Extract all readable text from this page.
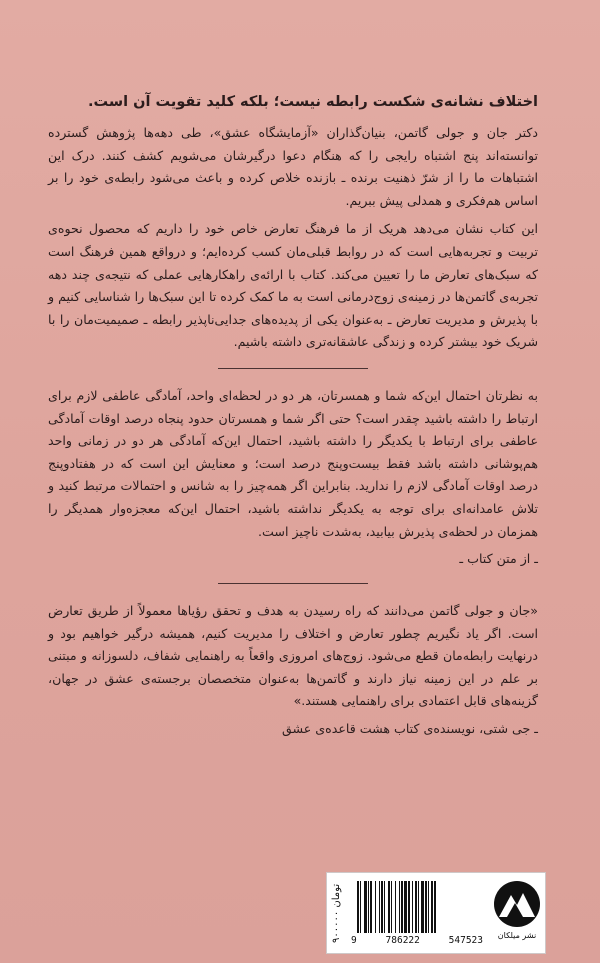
اختلاف نشانه‌ی شکست رابطه نیست؛ بلکه کلید تقویت آن است.

دکتر جان و جولی گاتمن، بنیان‌گذاران «آزمایشگاه عشق»، طی دهه‌ها پژوهش گسترده توانسته‌اند پنج اشتباه رایجی را که هنگام دعوا درگیرشان می‌شویم کشف کنند. درک این اشتباهات ما را از شرّ ذهنیت برنده ـ بازنده خلاص کرده و باعث می‌شود رابطه‌ی خود را بر اساس هم‌فکری و همدلی پیش ببریم.

این کتاب نشان می‌دهد هریک از ما فرهنگ تعارض خاص خود را داریم که محصول نحوه‌ی تربیت و تجربه‌هایی است که در روابط قبلی‌مان کسب کرده‌ایم؛ و درواقع همین فرهنگ است که سبک‌های تعارض ما را تعیین می‌کند. کتاب با ارائه‌ی راهکارهایی عملی که نتیجه‌ی چند دهه تجربه‌ی گاتمن‌ها در زمینه‌ی زوج‌درمانی است به ما کمک کرده تا این سبک‌ها را شناسایی کنیم و با پذیرش و مدیریت تعارض ـ به‌عنوان یکی از پدیده‌های جدایی‌ناپذیر رابطه ـ صمیمیت‌مان را با شریک خود بیشتر کرده و زندگی عاشقانه‌تری داشته باشیم.

به نظرتان احتمال این‌که شما و همسرتان، هر دو در لحظه‌ای واحد، آمادگی عاطفی لازم برای ارتباط را داشته باشید چقدر است؟ حتی اگر شما و همسرتان حدود پنجاه درصد اوقات آمادگی عاطفی برای ارتباط با یکدیگر را داشته باشید، احتمال این‌که آمادگی هر دو در زمانی واحد هم‌پوشانی داشته باشد فقط بیست‌وپنج درصد است؛ و معنایش این است که در هفتادوپنج درصد اوقات آمادگی لازم را ندارید. بنابراین اگر همه‌چیز را به شانس و احتمالات مرتبط کنید و تلاش عامدانه‌ای برای توجه به یکدیگر نداشته باشید، احتمال این‌که معجزه‌وار همدیگر را همزمان در لحظه‌ی پذیرش بیابید، به‌شدت ناچیز است.

ـ از متن کتاب ـ

«جان و جولی گاتمن می‌دانند که راه رسیدن به هدف و تحقق رؤیاها معمولاً از طریق تعارض است. اگر یاد نگیریم چطور تعارض و اختلاف را مدیریت کنیم، همیشه درگیر خواهیم بود و درنهایت رابطه‌مان قطع می‌شود. زوج‌های امروزی واقعاً به راهنمایی شفاف، دلسوزانه و مبتنی بر علم در این زمینه نیاز دارند و گاتمن‌ها به‌عنوان متخصصان برجسته‌ی عشق در جهان، گزینه‌های قابل اعتمادی برای راهنمایی هستند.»

ـ جی شتی، نویسنده‌ی کتاب هشت قاعده‌ی عشق

۹۰۰۰۰۰ تومان
9	786222	547523	نشر میلکان
